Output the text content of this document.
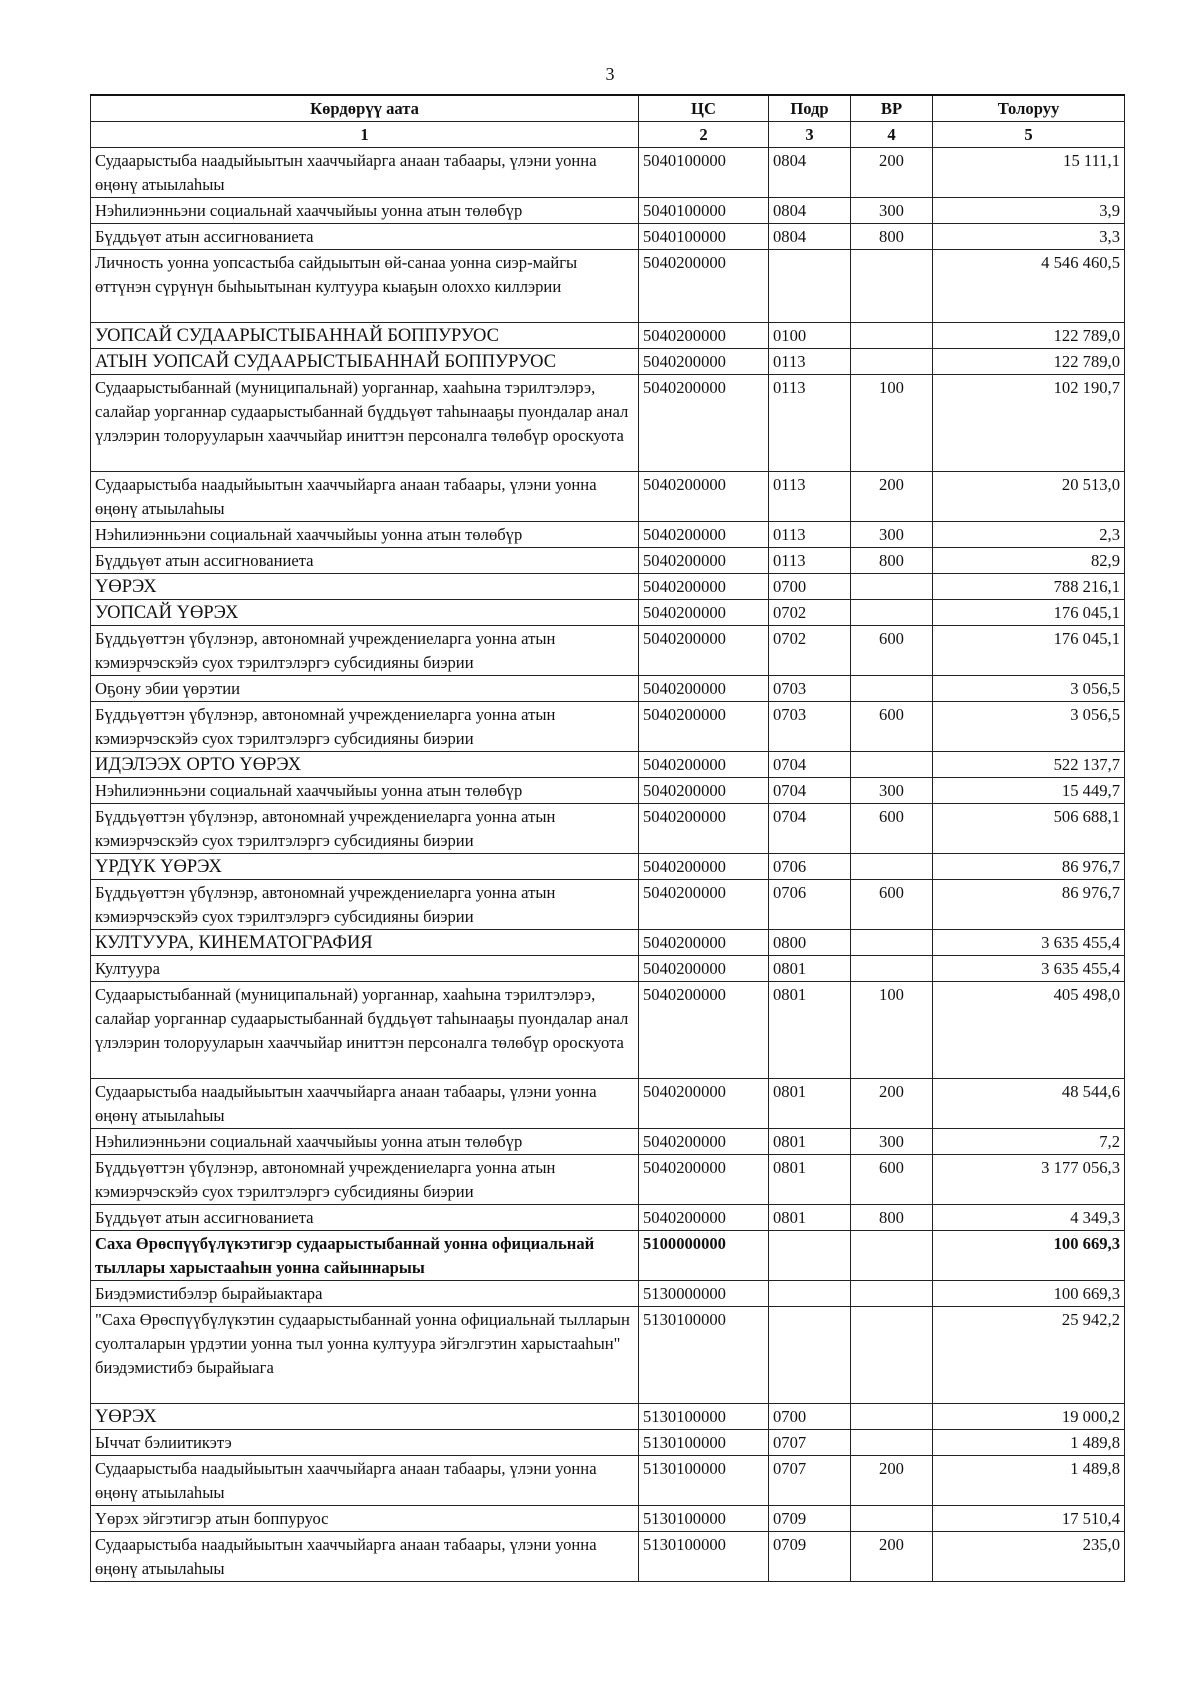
3
Көрдөрүү аата	ЦС	Подр	ВР	Толоруу
1	2	3	4	5
Судаарыстыба наадыйыытын хааччыйарга анаан табаары, үлэни уонна өңөнү атыылаһыы	5040100000	0804	200	15 111,1
Нэһилиэнньэни социальнай хааччыйыы уонна атын төлөбүр	5040100000	0804	300	3,9
Бүддьүөт атын ассигнованиета	5040100000	0804	800	3,3
Личность уонна уопсастыба сайдыытын өй-санаа уонна сиэр-майгы өттүнэн сүрүнүн быһыытынан култуура кыаҕын олоххо киллэрии	5040200000			4 546 460,5
УОПСАЙ СУДААРЫСТЫБАННАЙ БОППУРУОС	5040200000	0100		122 789,0
АТЫН УОПСАЙ СУДААРЫСТЫБАННАЙ БОППУРУОС	5040200000	0113		122 789,0
Судаарыстыбаннай (муниципальнай) уорганнар, хааһына тэрилтэлэрэ, салайар уорганнар судаарыстыбаннай бүддьүөт таһынааҕы пуондалар анал үлэлэрин толорууларын хааччыйар иниттэн персоналга төлөбүр ороскуота	5040200000	0113	100	102 190,7
Судаарыстыба наадыйыытын хааччыйарга анаан табаары, үлэни уонна өңөнү атыылаһыы	5040200000	0113	200	20 513,0
Нэһилиэнньэни социальнай хааччыйыы уонна атын төлөбүр	5040200000	0113	300	2,3
Бүддьүөт атын ассигнованиета	5040200000	0113	800	82,9
ҮӨРЭХ	5040200000	0700		788 216,1
УОПСАЙ ҮӨРЭХ	5040200000	0702		176 045,1
Бүддьүөттэн үбүлэнэр, автономнай учреждениеларга уонна атын кэмиэрчэскэйэ суох тэрилтэлэргэ субсидияны биэрии	5040200000	0702	600	176 045,1
Оҕону эбии үөрэтии	5040200000	0703		3 056,5
Бүддьүөттэн үбүлэнэр, автономнай учреждениеларга уонна атын кэмиэрчэскэйэ суох тэрилтэлэргэ субсидияны биэрии	5040200000	0703	600	3 056,5
ИДЭЛЭЭХ ОРТО ҮӨРЭХ	5040200000	0704		522 137,7
Нэһилиэнньэни социальнай хааччыйыы уонна атын төлөбүр	5040200000	0704	300	15 449,7
Бүддьүөттэн үбүлэнэр, автономнай учреждениеларга уонна атын кэмиэрчэскэйэ суох тэрилтэлэргэ субсидияны биэрии	5040200000	0704	600	506 688,1
ҮРДҮК ҮӨРЭХ	5040200000	0706		86 976,7
Бүддьүөттэн үбүлэнэр, автономнай учреждениеларга уонна атын кэмиэрчэскэйэ суох тэрилтэлэргэ субсидияны биэрии	5040200000	0706	600	86 976,7
КУЛТУУРА, КИНЕМАТОГРАФИЯ	5040200000	0800		3 635 455,4
Култуура	5040200000	0801		3 635 455,4
Судаарыстыбаннай (муниципальнай) уорганнар, хааһына тэрилтэлэрэ, салайар уорганнар судаарыстыбаннай бүддьүөт таһынааҕы пуондалар анал үлэлэрин толорууларын хааччыйар иниттэн персоналга төлөбүр ороскуота	5040200000	0801	100	405 498,0
Судаарыстыба наадыйыытын хааччыйарга анаан табаары, үлэни уонна өңөнү атыылаһыы	5040200000	0801	200	48 544,6
Нэһилиэнньэни социальнай хааччыйыы уонна атын төлөбүр	5040200000	0801	300	7,2
Бүддьүөттэн үбүлэнэр, автономнай учреждениеларга уонна атын кэмиэрчэскэйэ суох тэрилтэлэргэ субсидияны биэрии	5040200000	0801	600	3 177 056,3
Бүддьүөт атын ассигнованиета	5040200000	0801	800	4 349,3
Саха Өрөспүүбүлүкэтигэр судаарыстыбаннай уонна официальнай тыллары харыстааһын уонна сайыннарыы	5100000000			100 669,3
Биэдэмистибэлэр бырайыактара	5130000000			100 669,3
"Саха Өрөспүүбүлүкэтин судаарыстыбаннай уонна официальнай тылларын суолталарын үрдэтии уонна тыл уонна култуура эйгэлгэтин харыстааһын" биэдэмистибэ бырайыага	5130100000			25 942,2
ҮӨРЭХ	5130100000	0700		19 000,2
Ыччат бэлиитикэтэ	5130100000	0707		1 489,8
Судаарыстыба наадыйыытын хааччыйарга анаан табаары, үлэни уонна өңөнү атыылаһыы	5130100000	0707	200	1 489,8
Үөрэх эйгэтигэр атын боппуруос	5130100000	0709		17 510,4
Судаарыстыба наадыйыытын хааччыйарга анаан табаары, үлэни уонна өңөнү атыылаһыы	5130100000	0709	200	235,0
